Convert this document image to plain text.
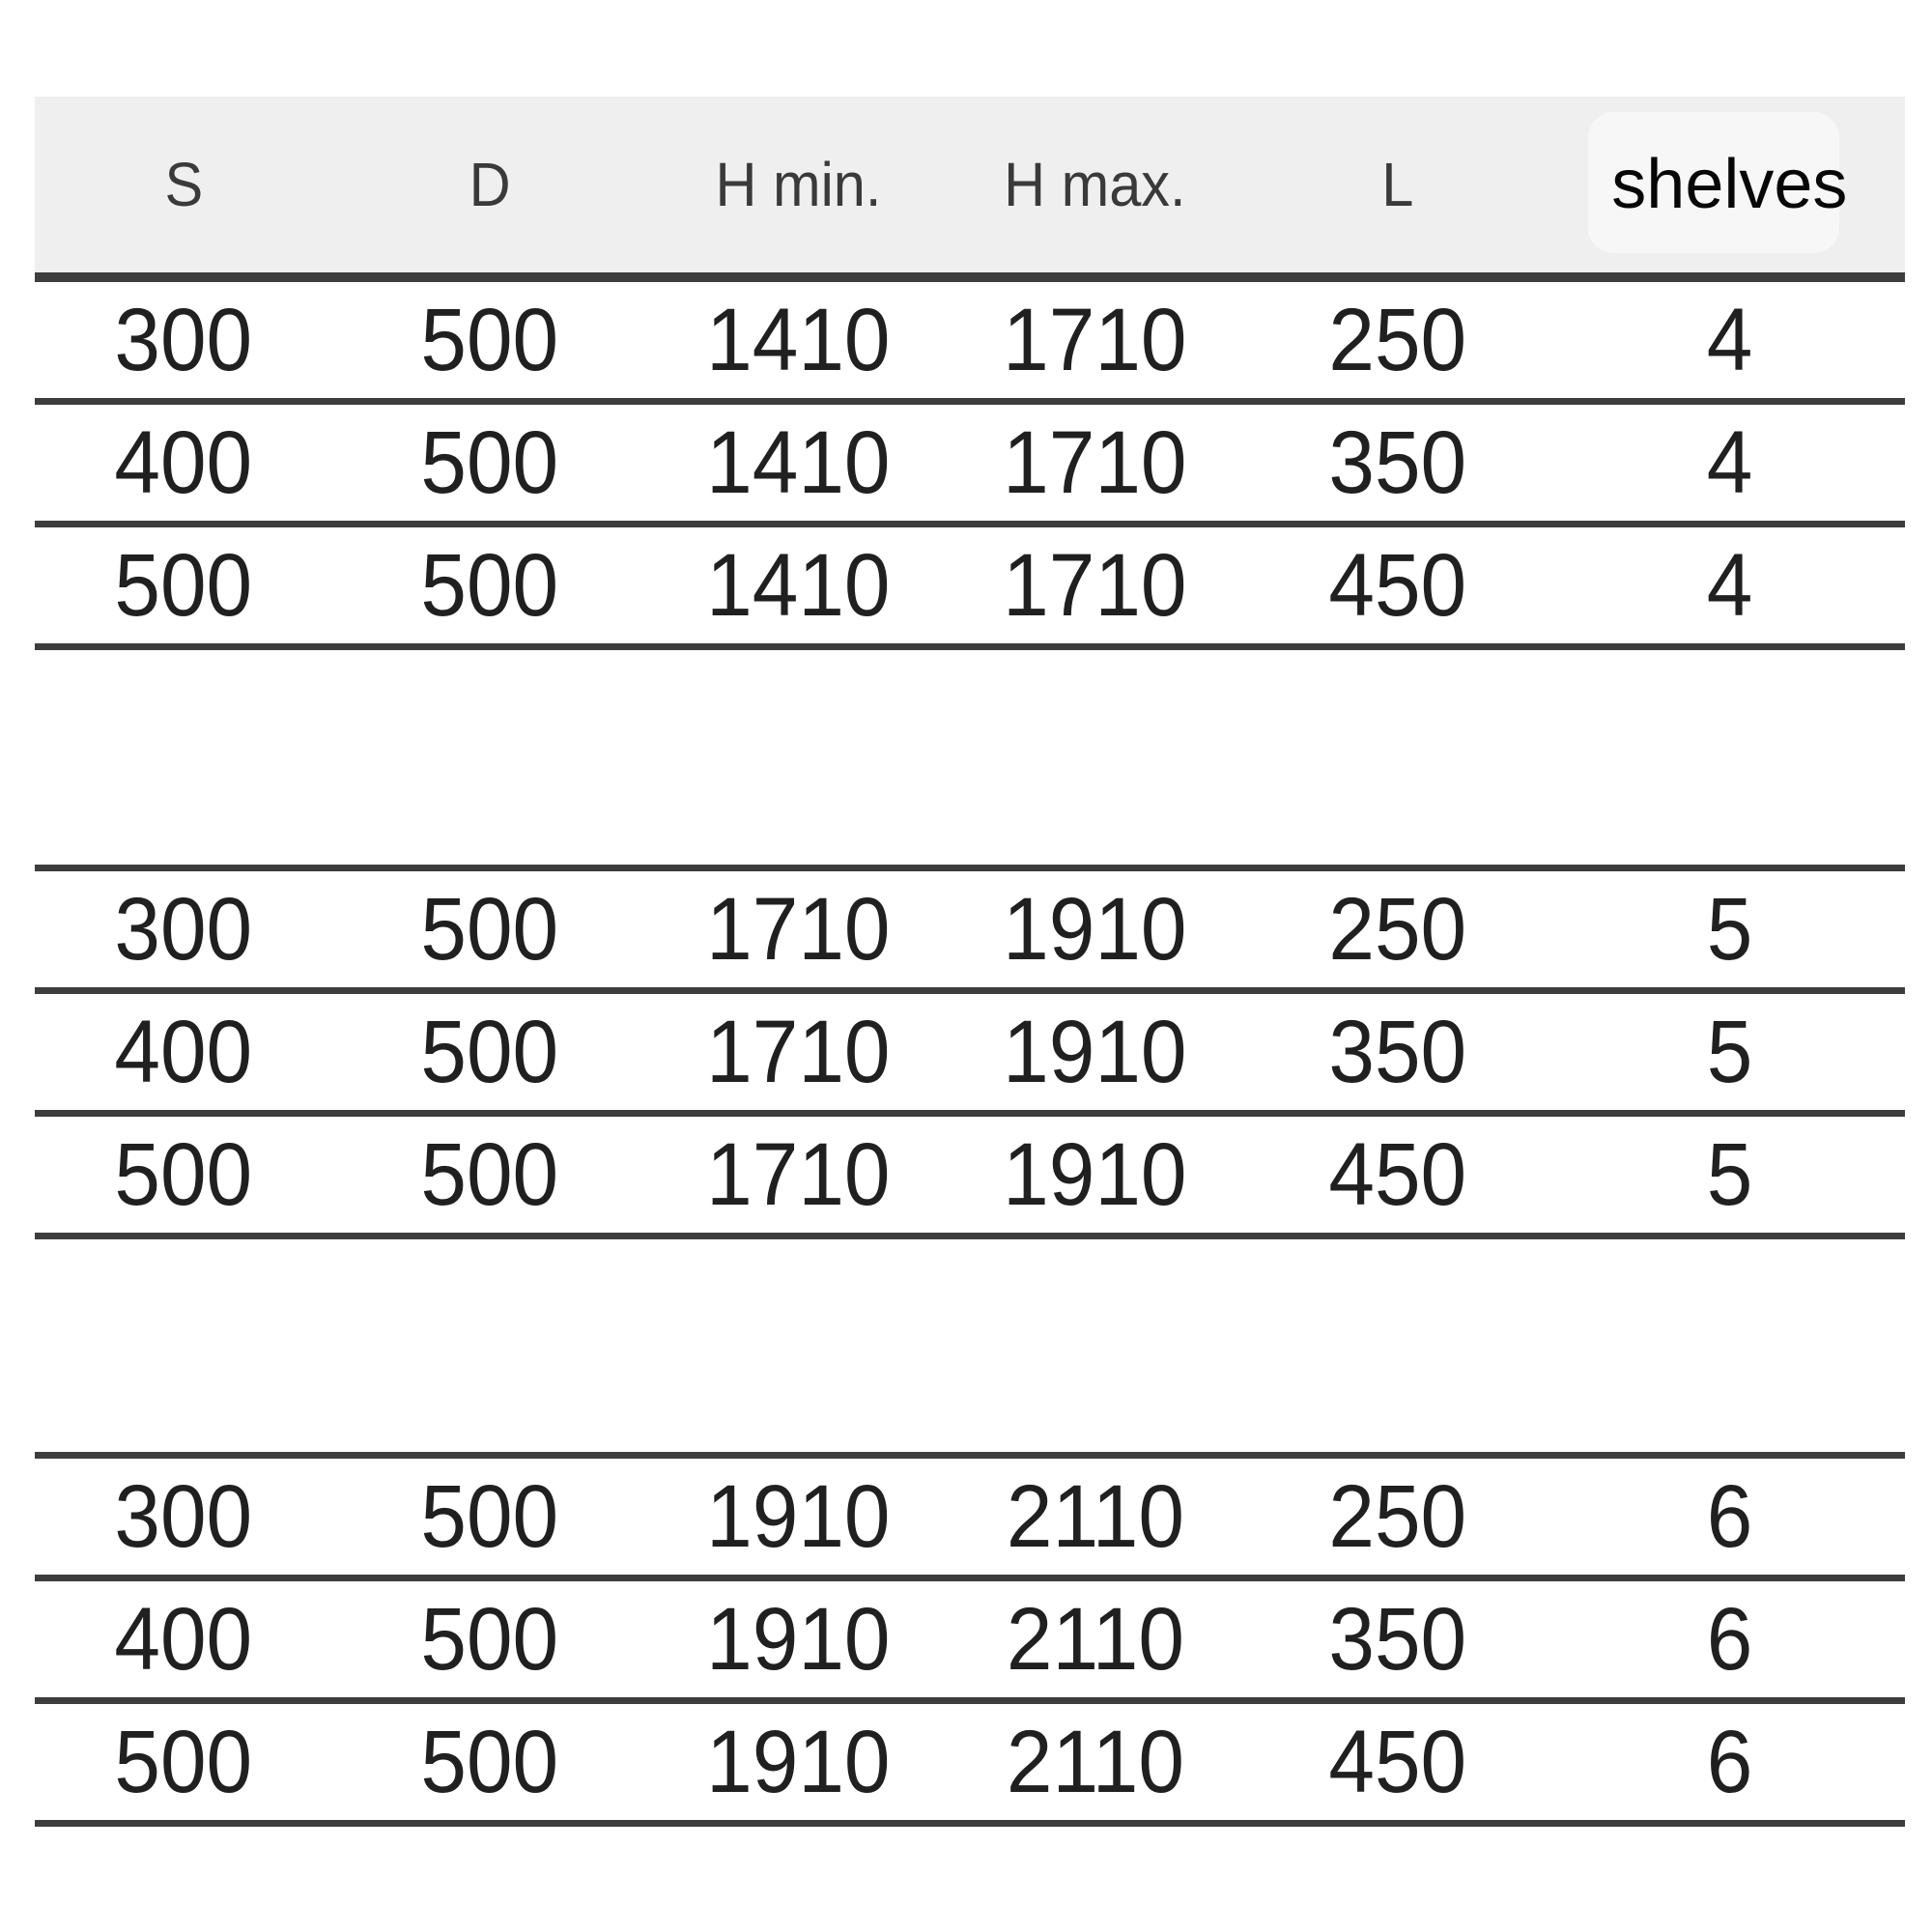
S	D	H min. H max.	L	shelves
300 500 1410 1710 250	4
400 500 1410 1710 350	4
500 500 1410 1710 450	4
300 500 1710 1910 250	5
400 500 1710 1910 350	5
500 500 1710 1910 450	5
300 500 1910 2110 250	6
400 500 1910 2110 350	6
500 500 1910 2110 450	6
